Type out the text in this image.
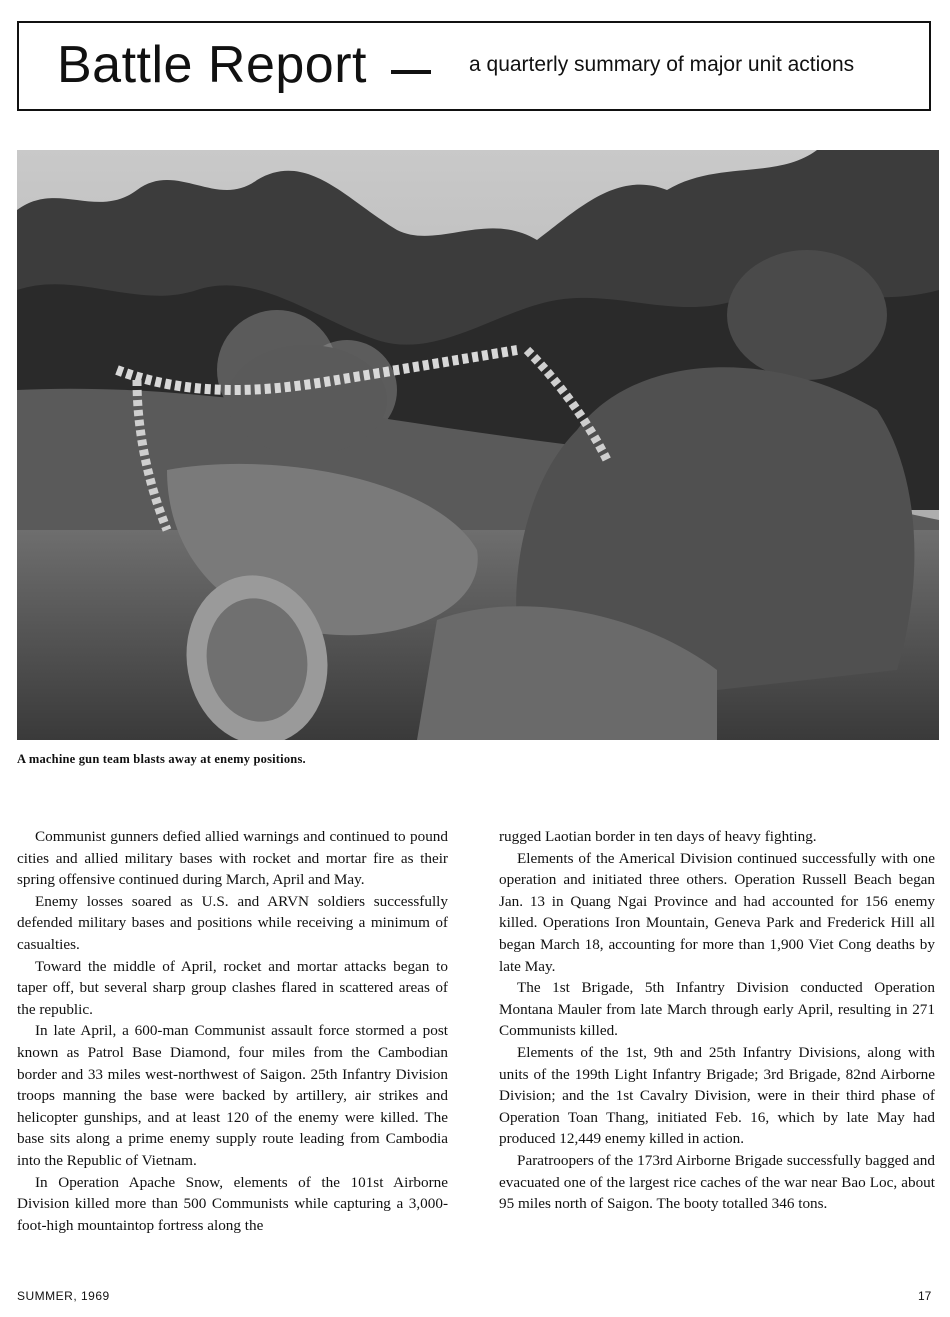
Battle Report	a quarterly summary of major unit actions
A machine gun team blasts away at enemy positions.

Communist gunners defied allied warnings and continued to pound cities and allied military bases with rocket and mortar fire as their spring offensive continued during March, April and May.

Enemy losses soared as U.S. and ARVN soldiers successfully defended military bases and positions while receiving a minimum of casualties.

Toward the middle of April, rocket and mortar attacks began to taper off, but several sharp group clashes flared in scattered areas of the republic.

In late April, a 600-man Communist assault force stormed a post known as Patrol Base Diamond, four miles from the Cambodian border and 33 miles west-northwest of Saigon. 25th Infantry Division troops manning the base were backed by artillery, air strikes and helicopter gunships, and at least 120 of the enemy were killed. The base sits along a prime enemy supply route leading from Cambodia into the Republic of Vietnam.

In Operation Apache Snow, elements of the 101st Airborne Division killed more than 500 Communists while capturing a 3,000-foot-high mountaintop fortress along the

rugged Laotian border in ten days of heavy fighting.

Elements of the Americal Division continued successfully with one operation and initiated three others. Operation Russell Beach began Jan. 13 in Quang Ngai Province and had accounted for 156 enemy killed. Operations Iron Mountain, Geneva Park and Frederick Hill all began March 18, accounting for more than 1,900 Viet Cong deaths by late May.

The 1st Brigade, 5th Infantry Division conducted Operation Montana Mauler from late March through early April, resulting in 271 Communists killed.

Elements of the 1st, 9th and 25th Infantry Divisions, along with units of the 199th Light Infantry Brigade; 3rd Brigade, 82nd Airborne Division; and the 1st Cavalry Division, were in their third phase of Operation Toan Thang, initiated Feb. 16, which by late May had produced 12,449 enemy killed in action.

Paratroopers of the 173rd Airborne Brigade successfully bagged and evacuated one of the largest rice caches of the war near Bao Loc, about 95 miles north of Saigon. The booty totalled 346 tons.

SUMMER, 1969	17
